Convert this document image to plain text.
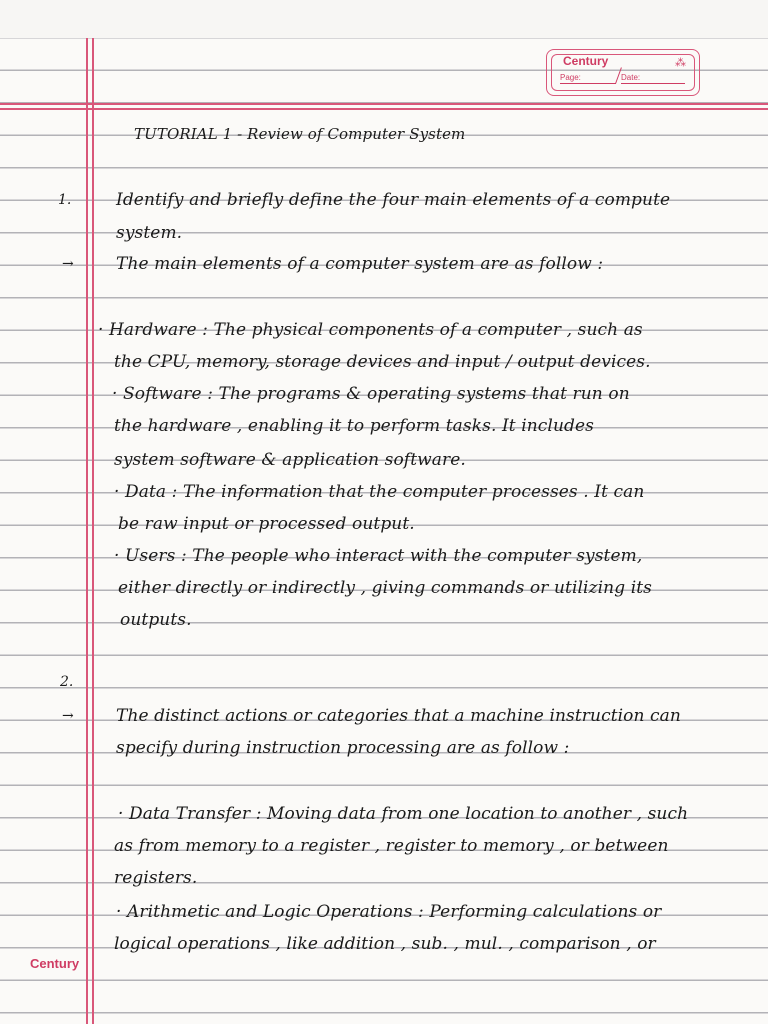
Century	⁂
Page:	Date:
TUTORIAL 1 - Review of Computer System
1.
→
2.
→
Identify and briefly define the four main elements of a compute
system.
The main elements of a computer system are as follow :
· Hardware : The physical components of a computer , such as
the CPU, memory, storage devices and input / output devices.
· Software : The programs & operating systems that run on
the hardware , enabling it to perform tasks. It includes
system software & application software.
· Data : The information that the computer processes . It can
be raw input or processed output.
· Users : The people who interact with the computer system,
either directly or indirectly , giving commands or utilizing its
outputs.
The distinct actions or categories that a machine instruction can
specify during instruction processing are as follow :
· Data Transfer : Moving data from one location to another , such
as from memory to a register , register to memory , or between
registers.
· Arithmetic and Logic Operations : Performing calculations or
logical operations , like addition , sub. , mul. , comparison , or
Century
